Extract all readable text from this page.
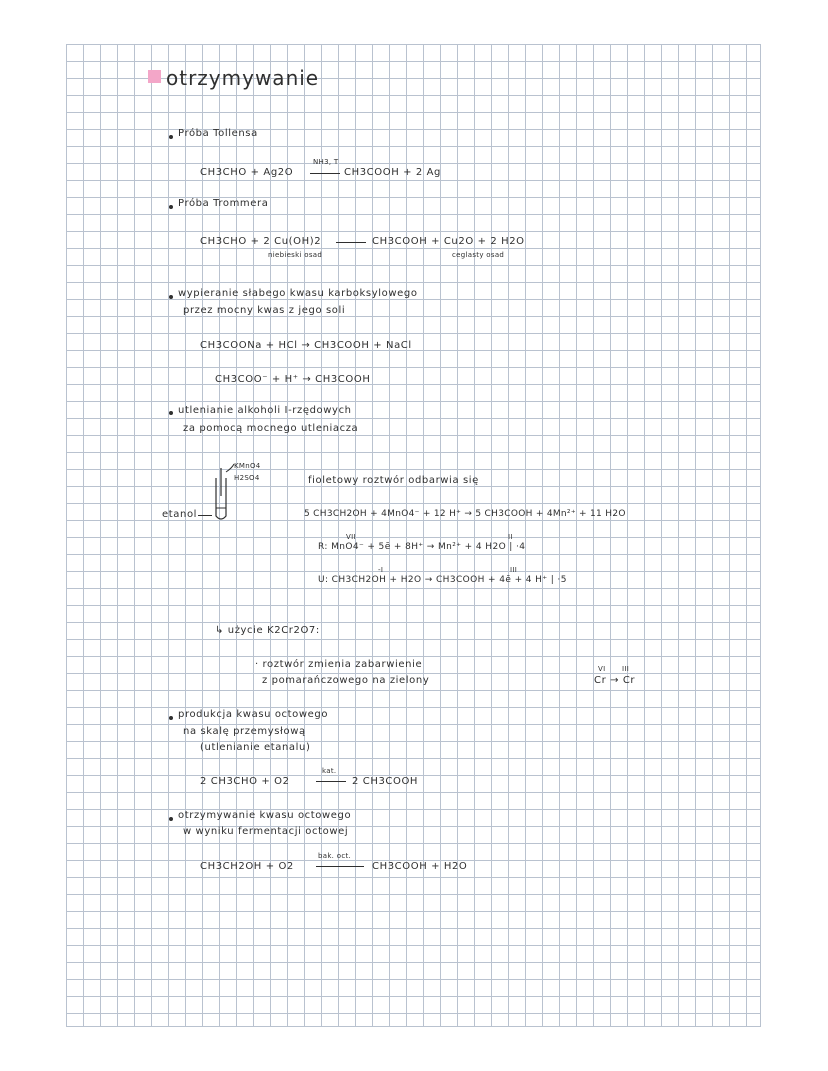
otrzymywanie
Próba Tollensa
CH3CHO + Ag2O
NH3, T
CH3COOH + 2 Ag
Próba Trommera
CH3CHO + 2 Cu(OH)2
niebieski osad
CH3COOH + Cu2O + 2 H2O
ceglasty osad
wypieranie słabego kwasu karboksylowego
przez mocny kwas z jego soli
CH3COONa + HCl → CH3COOH + NaCl
CH3COO⁻ + H⁺ → CH3COOH
utlenianie alkoholi I-rzędowych
za pomocą mocnego utleniacza
KMnO4
H2SO4
etanol
fioletowy roztwór odbarwia się
5 CH3CH2OH + 4MnO4⁻ + 12 H⁺ → 5 CH3COOH + 4Mn²⁺ + 11 H2O
VII	II
R: MnO4⁻ + 5ē + 8H⁺ → Mn²⁺ + 4 H2O | ·4
-I	III
U: CH3CH2OH + H2O → CH3COOH + 4ē + 4 H⁺ | ·5
↳ użycie K2Cr2O7:
· roztwór zmienia zabarwienie
z pomarańczowego na zielony
VI III
Cr → Cr
produkcja kwasu octowego
na skalę przemysłową
(utlenianie etanalu)
2 CH3CHO + O2
kat.
2 CH3COOH
otrzymywanie kwasu octowego
w wyniku fermentacji octowej
CH3CH2OH + O2
bak. oct.
CH3COOH + H2O
